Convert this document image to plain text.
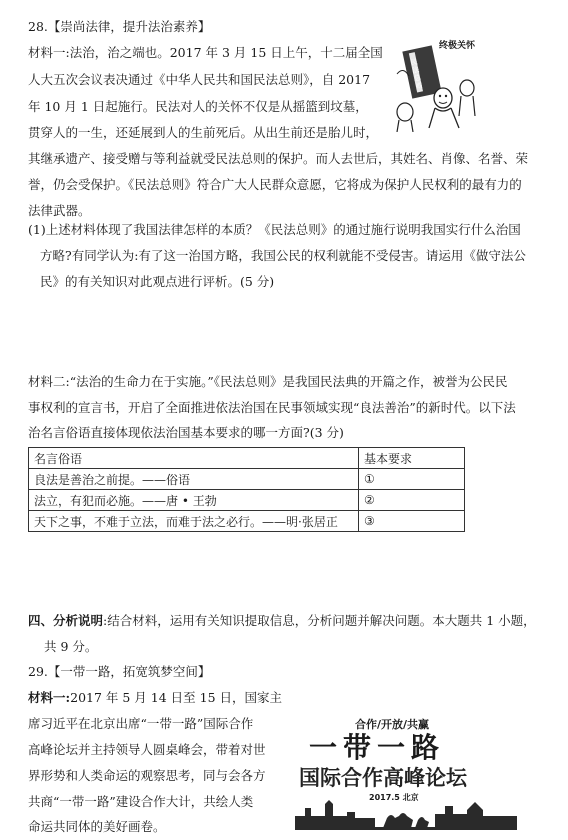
28.【崇尚法律，提升法治素养】
材料一:法治，治之端也。2017 年 3 月 15 日上午，十二届全国
人大五次会议表决通过《中华人民共和国民法总则》，自 2017
年 10 月 1 日起施行。民法对人的关怀不仅是从摇篮到坟墓，
贯穿人的一生，还延展到人的生前死后。从出生前还是胎儿时，
其继承遗产、接受赠与等利益就受民法总则的保护。而人去世后，其姓名、肖像、名誉、荣
誉，仍会受保护。《民法总则》符合广大人民群众意愿，它将成为保护人民权利的最有力的
法律武器。
民法总则
终极关怀
(1)上述材料体现了我国法律怎样的本质？《民法总则》的通过施行说明我国实行什么治国
方略?有同学认为:有了这一治国方略，我国公民的权利就能不受侵害。请运用《做守法公
民》的有关知识对此观点进行评析。(5 分)
材料二:“法治的生命力在于实施。”《民法总则》是我国民法典的开篇之作，被誉为公民民
事权利的宣言书，开启了全面推进依法治国在民事领域实现“良法善治”的新时代。以下法
治名言俗语直接体现依法治国基本要求的哪一方面?(3 分)
名言俗语	基本要求
良法是善治之前提。——俗语	①
法立，有犯而必施。——唐 • 王勃	②
天下之事，不难于立法，而难于法之必行。——明·张居正	③
四、分析说明:结合材料，运用有关知识提取信息，分析问题并解决问题。本大题共 1 小题，
共 9 分。
29.【一带一路，拓宽筑梦空间】
材料一:2017 年 5 月 14 日至 15 日，国家主
席习近平在北京出席“一带一路”国际合作
高峰论坛并主持领导人圆桌峰会，带着对世
界形势和人类命运的观察思考，同与会各方
共商“一带一路”建设合作大计，共绘人类
命运共同体的美好画卷。
合作/开放/共赢
一带一路
国际合作高峰论坛
2017.5 北京
